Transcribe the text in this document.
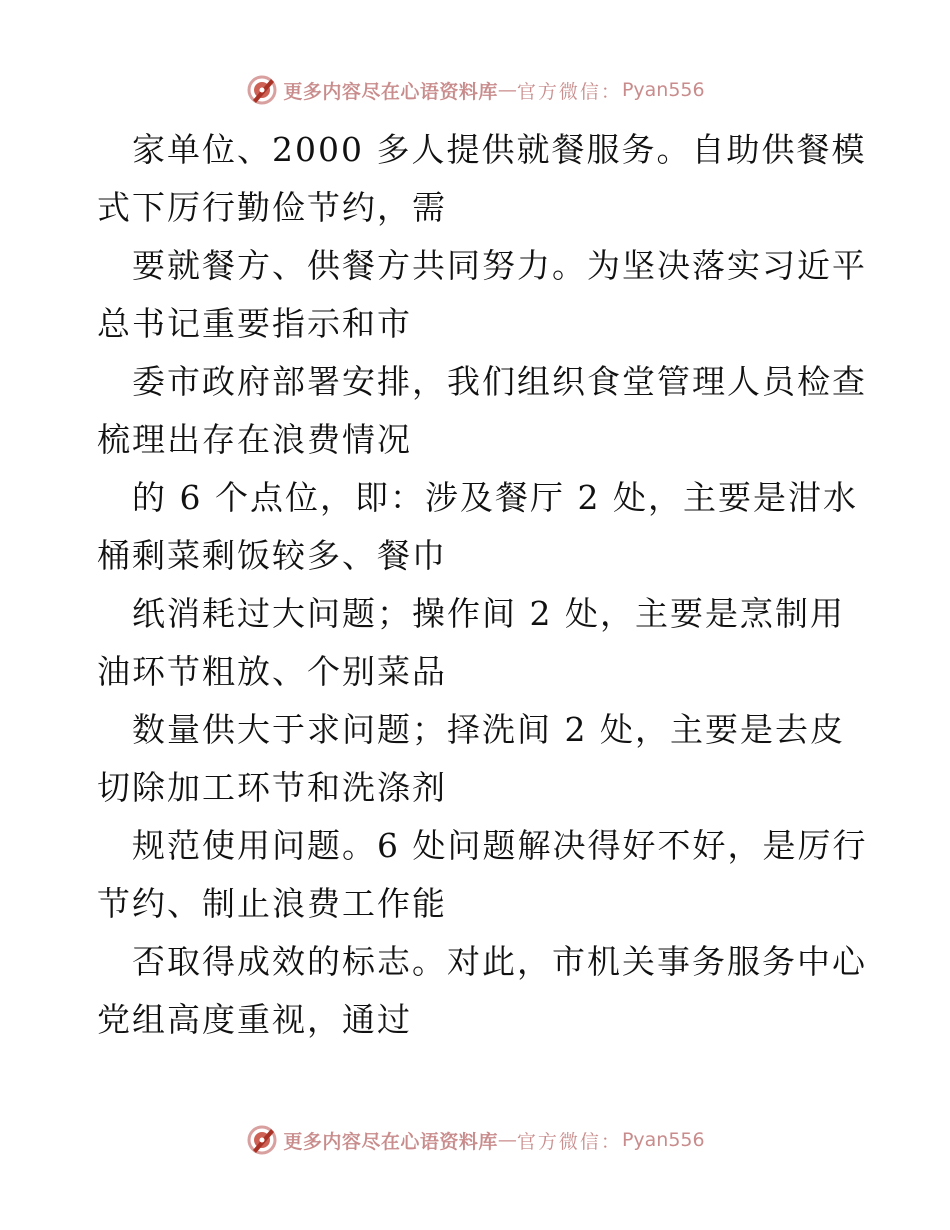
更多内容尽在心语资料库 — 官方微信： Pyan556

　家单位、2000 多人提供就餐服务。自助供餐模

式下厉行勤俭节约，需

　要就餐方、供餐方共同努力。为坚决落实习近平

总书记重要指示和市

　委市政府部署安排，我们组织食堂管理人员检查

梳理出存在浪费情况

　的 6 个点位，即：涉及餐厅 2 处，主要是泔水

桶剩菜剩饭较多、餐巾

　纸消耗过大问题；操作间 2 处，主要是烹制用

油环节粗放、个别菜品

　数量供大于求问题；择洗间 2 处，主要是去皮

切除加工环节和洗涤剂

　规范使用问题。6 处问题解决得好不好，是厉行

节约、制止浪费工作能

　否取得成效的标志。对此，市机关事务服务中心

党组高度重视，通过

更多内容尽在心语资料库 — 官方微信： Pyan556
